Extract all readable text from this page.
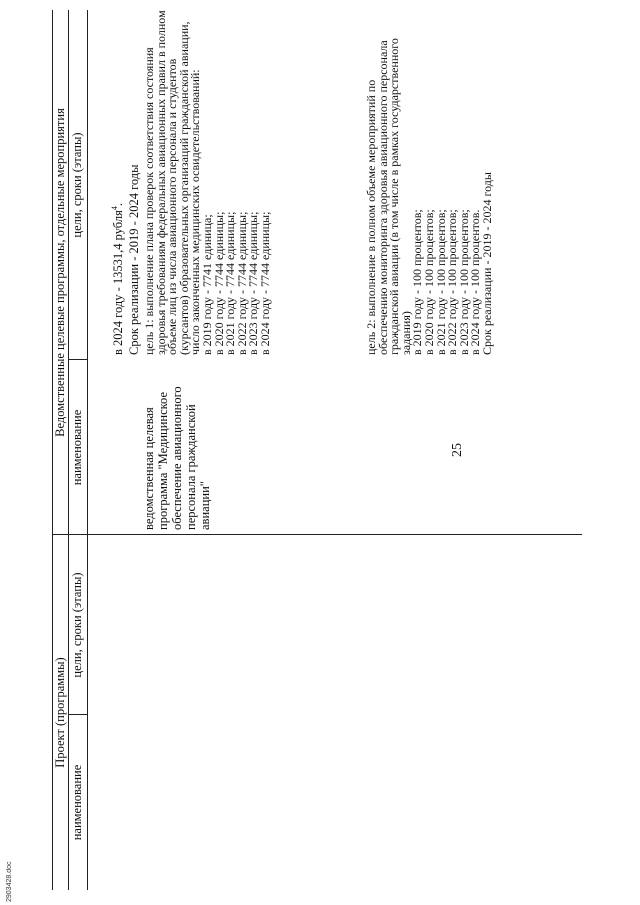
25
Проект (программы)
Ведомственные целевые программы, отдельные мероприятия
наименование
цели, сроки (этапы)
наименование
цели, сроки (этапы)
ведомственная целевая программа "Медицинское обеспечение авиационного персонала гражданской авиации"
в 2024 году - 13531,4 рубля$^4$. Срок реализации - 2019 - 2024 годы цель 1: выполнение плана проверок соответствия состояния здоровья требованиям федеральных авиационных правил в полном объеме лиц из числа авиационного персонала и студентов (курсантов) образовательных организаций гражданской авиации, число законченных медицинских освидетельствований:
в 2019 году - 7741 единица;
в 2020 году - 7744 единицы;
в 2021 году - 7744 единицы;
в 2022 году - 7744 единицы;
в 2023 году - 7744 единицы;
в 2024 году - 7744 единицы;
цель 2: выполнение в полном объеме мероприятий по обеспечению мониторинга здоровья авиационного персонала гражданской авиации (в том числе в рамках государственного задания)
в 2019 году - 100 процентов;
в 2020 году - 100 процентов;
в 2021 году - 100 процентов;
в 2022 году - 100 процентов;
в 2023 году - 100 процентов;
в 2024 году - 100 процентов.
Срок реализации - 2019 - 2024 годы
2903428.doc
